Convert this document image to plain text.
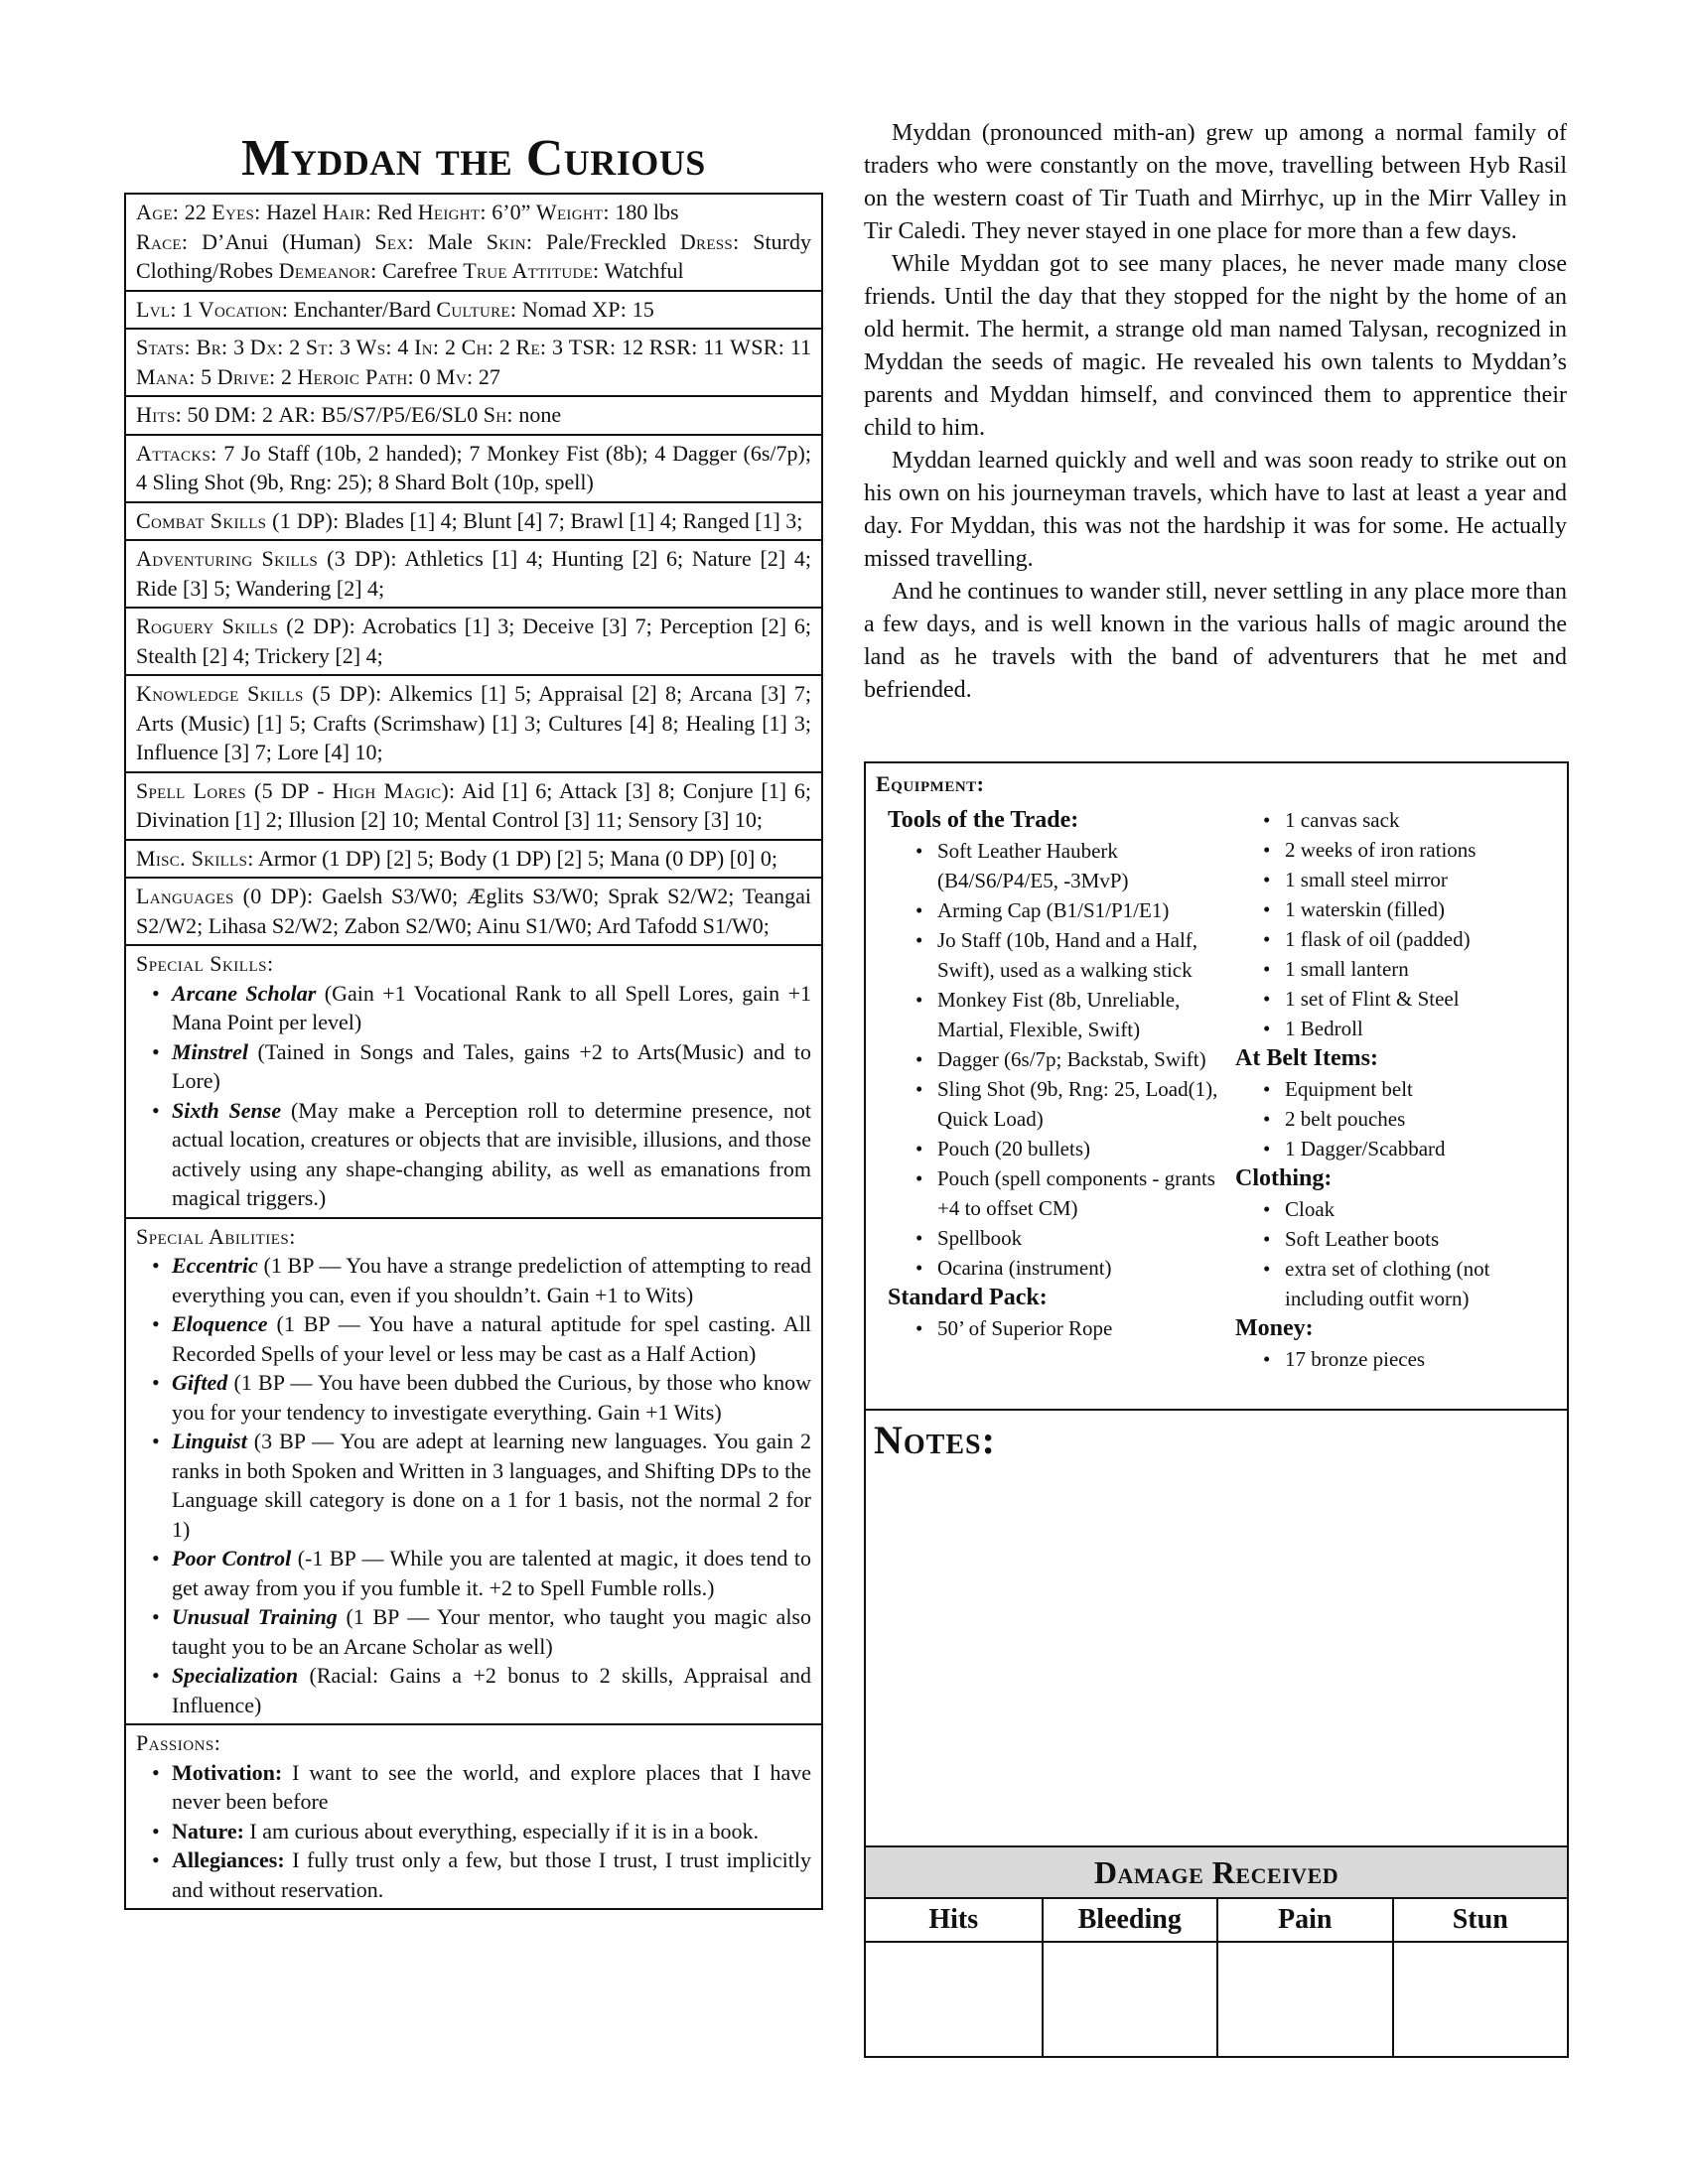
Myddan the Curious
Age: 22 Eyes: Hazel Hair: Red Height: 6’0” Weight: 180 lbs
Race: D’Anui (Human) Sex: Male Skin: Pale/Freckled Dress: Sturdy Clothing/Robes Demeanor: Carefree True Attitude: Watchful
Lvl: 1 Vocation: Enchanter/Bard Culture: Nomad XP: 15
Stats: Br: 3 Dx: 2 St: 3 Ws: 4 In: 2 Ch: 2 Re: 3 TSR: 12 RSR: 11 WSR: 11 Mana: 5 Drive: 2 Heroic Path: 0 Mv: 27
Hits: 50 DM: 2 AR: B5/S7/P5/E6/SL0 Sh: none
Attacks: 7 Jo Staff (10b, 2 handed); 7 Monkey Fist (8b); 4 Dagger (6s/7p); 4 Sling Shot (9b, Rng: 25); 8 Shard Bolt (10p, spell)
Combat Skills (1 DP): Blades [1] 4; Blunt [4] 7; Brawl [1] 4; Ranged [1] 3;
Adventuring Skills (3 DP): Athletics [1] 4; Hunting [2] 6; Nature [2] 4; Ride [3] 5; Wandering [2] 4;
Roguery Skills (2 DP): Acrobatics [1] 3; Deceive [3] 7; Perception [2] 6; Stealth [2] 4; Trickery [2] 4;
Knowledge Skills (5 DP): Alkemics [1] 5; Appraisal [2] 8; Arcana [3] 7; Arts (Music) [1] 5; Crafts (Scrimshaw) [1] 3; Cultures [4] 8; Healing [1] 3; Influence [3] 7; Lore [4] 10;
Spell Lores (5 DP - High Magic): Aid [1] 6; Attack [3] 8; Conjure [1] 6; Divination [1] 2; Illusion [2] 10; Mental Control [3] 11; Sensory [3] 10;
Misc. Skills: Armor (1 DP) [2] 5; Body (1 DP) [2] 5; Mana (0 DP) [0] 0;
Languages (0 DP): Gaelsh S3/W0; Æglits S3/W0; Sprak S2/W2; Teangai S2/W2; Lihasa S2/W2; Zabon S2/W0; Ainu S1/W0; Ard Tafodd S1/W0;
Special Skills:
• Arcane Scholar (Gain +1 Vocational Rank to all Spell Lores, gain +1 Mana Point per level)
• Minstrel (Tained in Songs and Tales, gains +2 to Arts(Music) and to Lore)
• Sixth Sense (May make a Perception roll to determine presence, not actual location, creatures or objects that are invisible, illusions, and those actively using any shape-changing ability, as well as emanations from magical triggers.)
Special Abilities:
• Eccentric (1 BP — You have a strange predeliction of attempting to read everything you can, even if you shouldn’t. Gain +1 to Wits)
• Eloquence (1 BP — You have a natural aptitude for spel casting. All Recorded Spells of your level or less may be cast as a Half Action)
• Gifted (1 BP — You have been dubbed the Curious, by those who know you for your tendency to investigate everything. Gain +1 Wits)
• Linguist (3 BP — You are adept at learning new languages. You gain 2 ranks in both Spoken and Written in 3 languages, and Shifting DPs to the Language skill category is done on a 1 for 1 basis, not the normal 2 for 1)
• Poor Control (-1 BP — While you are talented at magic, it does tend to get away from you if you fumble it. +2 to Spell Fumble rolls.)
• Unusual Training (1 BP — Your mentor, who taught you magic also taught you to be an Arcane Scholar as well)
• Specialization (Racial: Gains a +2 bonus to 2 skills, Appraisal and Influence)
Passions:
• Motivation: I want to see the world, and explore places that I have never been before
• Nature: I am curious about everything, especially if it is in a book.
• Allegiances: I fully trust only a few, but those I trust, I trust implicitly and without reservation.

Myddan (pronounced mith-an) grew up among a normal family of traders who were constantly on the move, travelling between Hyb Rasil on the western coast of Tir Tuath and Mirrhyc, up in the Mirr Valley in Tir Caledi. They never stayed in one place for more than a few days.

While Myddan got to see many places, he never made many close friends. Until the day that they stopped for the night by the home of an old hermit. The hermit, a strange old man named Talysan, recognized in Myddan the seeds of magic. He revealed his own talents to Myddan’s parents and Myddan himself, and convinced them to apprentice their child to him.

Myddan learned quickly and well and was soon ready to strike out on his own on his journeyman travels, which have to last at least a year and day. For Myddan, this was not the hardship it was for some. He actually missed travelling.

And he continues to wander still, never settling in any place more than a few days, and is well known in the various halls of magic around the land as he travels with the band of adventurers that he met and befriended.

Equipment:
Tools of the Trade:
• Soft Leather Hauberk (B4/S6/P4/E5, -3MvP)
• Arming Cap (B1/S1/P1/E1)
• Jo Staff (10b, Hand and a Half, Swift), used as a walking stick
• Monkey Fist (8b, Unreliable, Martial, Flexible, Swift)
• Dagger (6s/7p; Backstab, Swift)
• Sling Shot (9b, Rng: 25, Load(1), Quick Load)
• Pouch (20 bullets)
• Pouch (spell components - grants +4 to offset CM)
• Spellbook
• Ocarina (instrument)
Standard Pack:
• 50’ of Superior Rope
• 1 canvas sack
• 2 weeks of iron rations
• 1 small steel mirror
• 1 waterskin (filled)
• 1 flask of oil (padded)
• 1 small lantern
• 1 set of Flint & Steel
• 1 Bedroll
At Belt Items:
• Equipment belt
• 2 belt pouches
• 1 Dagger/Scabbard
Clothing:
• Cloak
• Soft Leather boots
• extra set of clothing (not including outfit worn)
Money:
• 17 bronze pieces
Notes:
Damage Received
Hits	Bleeding	Pain	Stun
